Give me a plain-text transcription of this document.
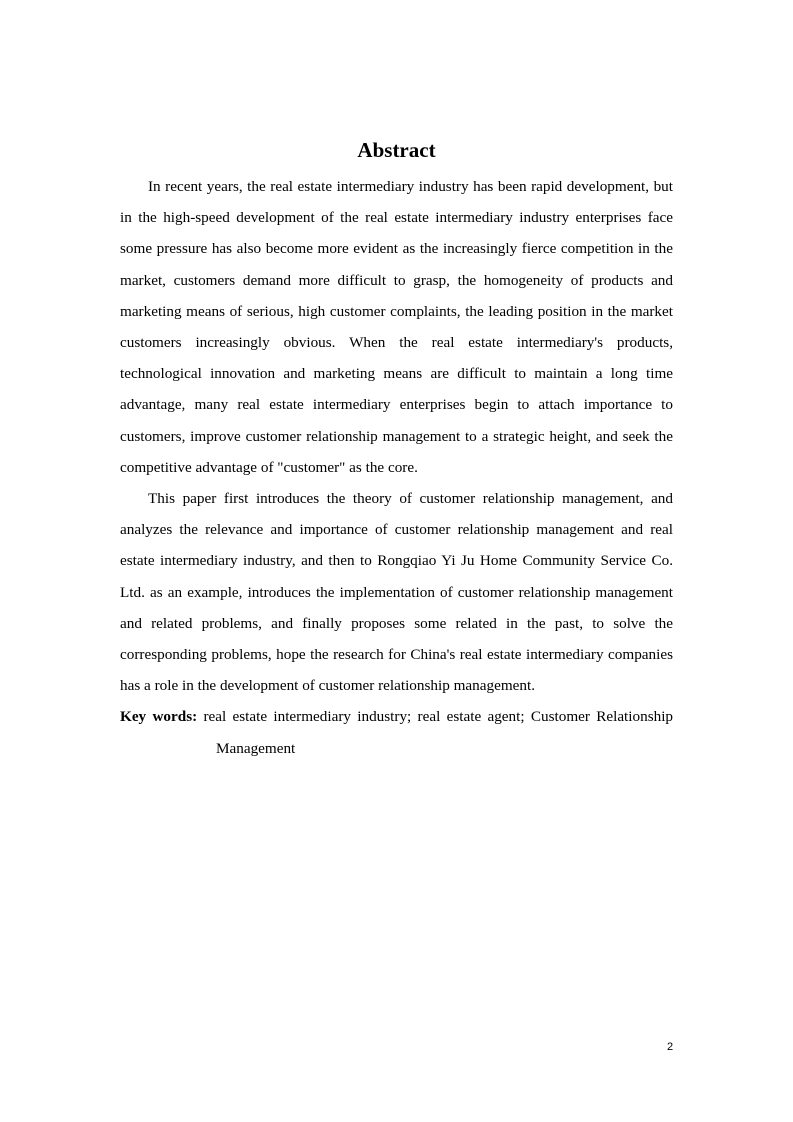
Abstract

In recent years, the real estate intermediary industry has been rapid development, but in the high-speed development of the real estate intermediary industry enterprises face some pressure has also become more evident as the increasingly fierce competition in the market, customers demand more difficult to grasp, the homogeneity of products and marketing means of serious, high customer complaints, the leading position in the market customers increasingly obvious. When the real estate intermediary's products, technological innovation and marketing means are difficult to maintain a long time advantage, many real estate intermediary enterprises begin to attach importance to customers, improve customer relationship management to a strategic height, and seek the competitive advantage of "customer" as the core.

This paper first introduces the theory of customer relationship management, and analyzes the relevance and importance of customer relationship management and real estate intermediary industry, and then to Rongqiao Yi Ju Home Community Service Co. Ltd. as an example, introduces the implementation of customer relationship management and related problems, and finally proposes some related in the past, to solve the corresponding problems, hope the research for China's real estate intermediary companies has a role in the development of customer relationship management.

Key words: real estate intermediary industry; real estate agent; Customer Relationship Management

2
